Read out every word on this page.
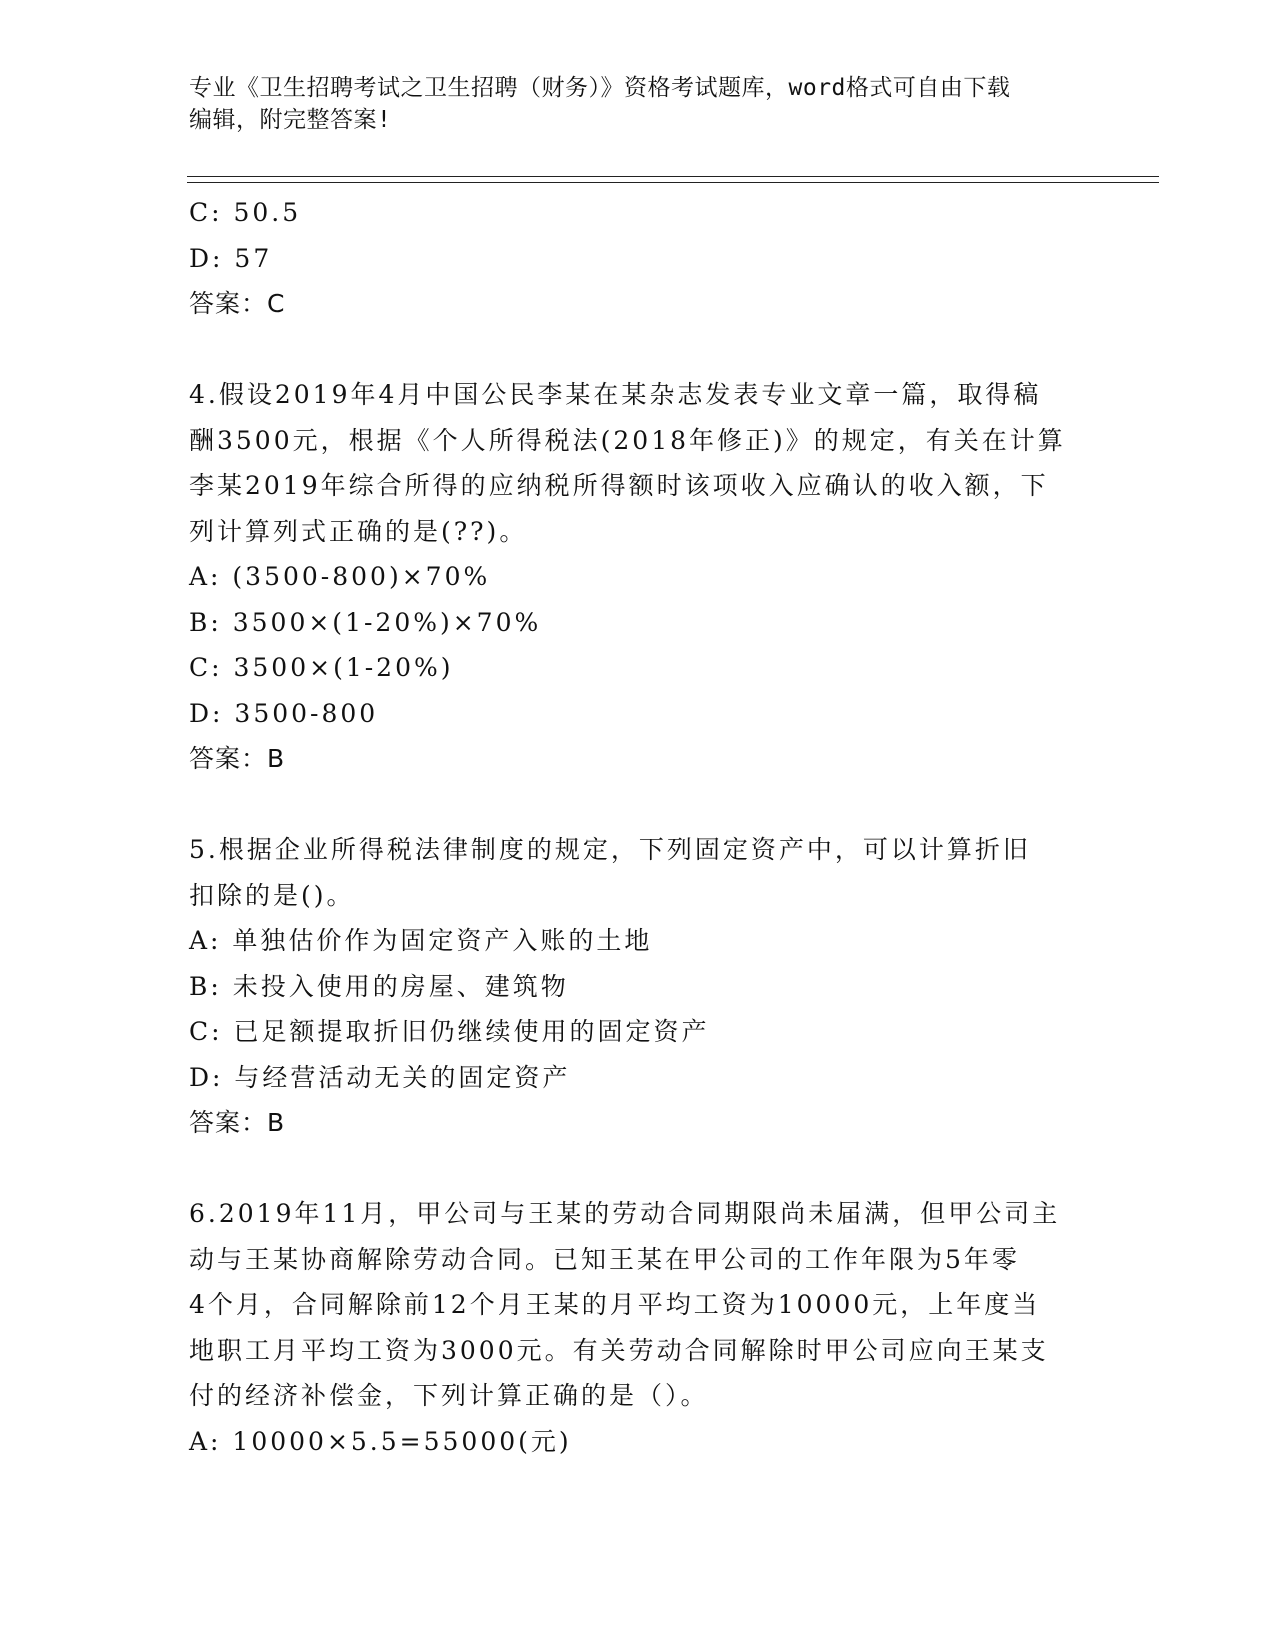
专业《卫生招聘考试之卫生招聘（财务）》资格考试题库，word格式可自由下载
编辑，附完整答案!
C: 50.5
D: 57
答案：C
4.假设2019年4月中国公民李某在某杂志发表专业文章一篇，取得稿
酬3500元，根据《个人所得税法(2018年修正)》的规定，有关在计算
李某2019年综合所得的应纳税所得额时该项收入应确认的收入额，下
列计算列式正确的是(??)。
A: (3500-800)×70%
B: 3500×(1-20%)×70%
C: 3500×(1-20%)
D: 3500-800
答案：B
5.根据企业所得税法律制度的规定，下列固定资产中，可以计算折旧
扣除的是()。
A: 单独估价作为固定资产入账的土地
B: 未投入使用的房屋、建筑物
C: 已足额提取折旧仍继续使用的固定资产
D: 与经营活动无关的固定资产
答案：B
6.2019年11月，甲公司与王某的劳动合同期限尚未届满，但甲公司主
动与王某协商解除劳动合同。已知王某在甲公司的工作年限为5年零
4个月，合同解除前12个月王某的月平均工资为10000元，上年度当
地职工月平均工资为3000元。有关劳动合同解除时甲公司应向王某支
付的经济补偿金，下列计算正确的是（）。
A: 10000×5.5=55000(元)
